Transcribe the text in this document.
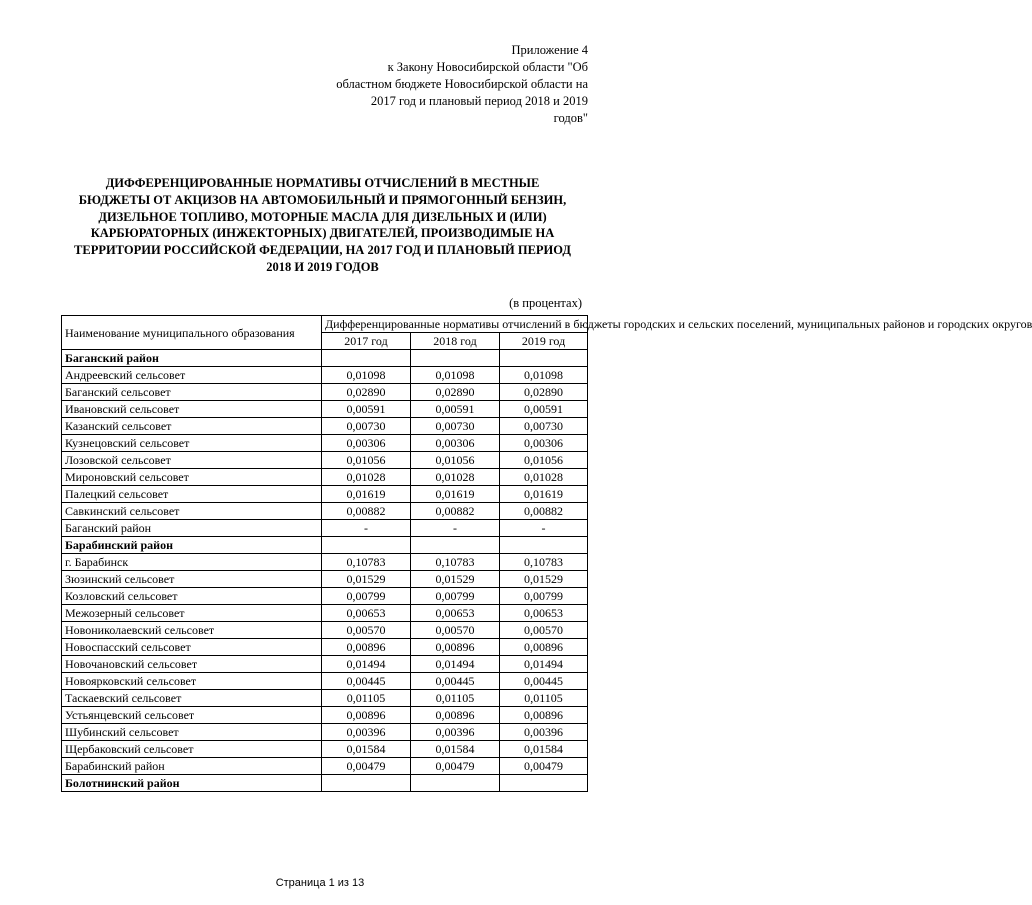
Приложение 4
к Закону Новосибирской области "Об
областном бюджете Новосибирской области на
2017 год и плановый период 2018 и 2019
годов"
ДИФФЕРЕНЦИРОВАННЫЕ НОРМАТИВЫ ОТЧИСЛЕНИЙ В МЕСТНЫЕ
БЮДЖЕТЫ ОТ АКЦИЗОВ НА АВТОМОБИЛЬНЫЙ И ПРЯМОГОННЫЙ БЕНЗИН,
ДИЗЕЛЬНОЕ ТОПЛИВО, МОТОРНЫЕ МАСЛА ДЛЯ ДИЗЕЛЬНЫХ И (ИЛИ)
КАРБЮРАТОРНЫХ (ИНЖЕКТОРНЫХ) ДВИГАТЕЛЕЙ, ПРОИЗВОДИМЫЕ НА
ТЕРРИТОРИИ РОССИЙСКОЙ ФЕДЕРАЦИИ, НА 2017 ГОД И ПЛАНОВЫЙ ПЕРИОД
2018 И 2019 ГОДОВ
(в процентах)
Наименование муниципального образования	Дифференцированные нормативы отчислений в бюджеты городских и сельских поселений, муниципальных районов и городских округов		
	2017 год	2018 год	2019 год
Баганский район			
Андреевский сельсовет	0,01098	0,01098	0,01098
Баганский сельсовет	0,02890	0,02890	0,02890
Ивановский сельсовет	0,00591	0,00591	0,00591
Казанский сельсовет	0,00730	0,00730	0,00730
Кузнецовский сельсовет	0,00306	0,00306	0,00306
Лозовской сельсовет	0,01056	0,01056	0,01056
Мироновский сельсовет	0,01028	0,01028	0,01028
Палецкий сельсовет	0,01619	0,01619	0,01619
Савкинский сельсовет	0,00882	0,00882	0,00882
Баганский район	-	-	-
Барабинский район			
г. Барабинск	0,10783	0,10783	0,10783
Зюзинский сельсовет	0,01529	0,01529	0,01529
Козловский сельсовет	0,00799	0,00799	0,00799
Межозерный сельсовет	0,00653	0,00653	0,00653
Новониколаевский сельсовет	0,00570	0,00570	0,00570
Новоспасский сельсовет	0,00896	0,00896	0,00896
Новочановский сельсовет	0,01494	0,01494	0,01494
Новоярковский сельсовет	0,00445	0,00445	0,00445
Таскаевский сельсовет	0,01105	0,01105	0,01105
Устьянцевский сельсовет	0,00896	0,00896	0,00896
Шубинский сельсовет	0,00396	0,00396	0,00396
Щербаковский сельсовет	0,01584	0,01584	0,01584
Барабинский район	0,00479	0,00479	0,00479
Болотнинский район			
Страница 1 из 13
